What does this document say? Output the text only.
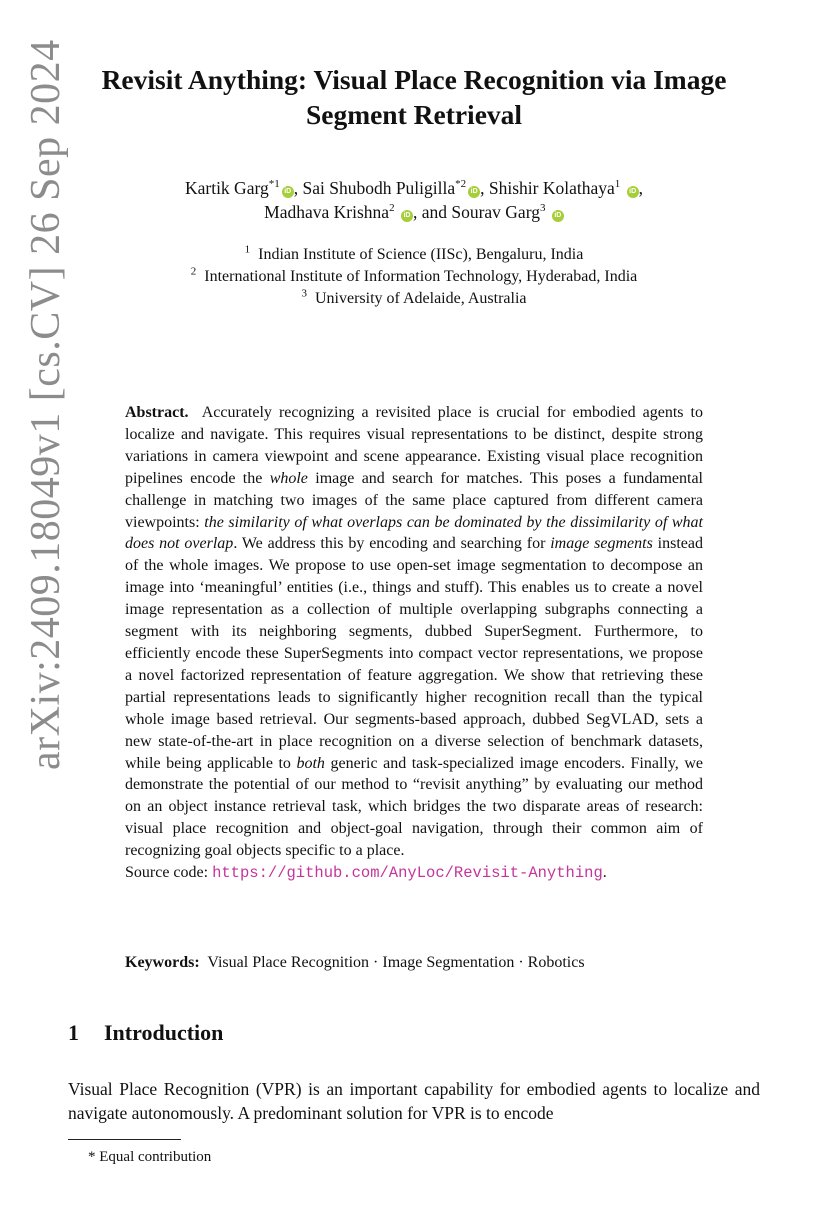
arXiv:2409.18049v1 [cs.CV] 26 Sep 2024	Revisit Anything: Visual Place Recognition via Image Segment Retrieval
Kartik Garg$^{*1}$iD , Sai Shubodh Puligilla$^{*2}$iD , Shishir Kolathaya$^1$ iD ,
Madhava Krishna$^2$ iD , and Sourav Garg$^3$ iD
$^1$ Indian Institute of Science (IISc), Bengaluru, India
$^2$ International Institute of Information Technology, Hyderabad, India
$^3$ University of Adelaide, Australia
Abstract. Accurately recognizing a revisited place is crucial for embodied agents to localize and navigate. This requires visual representations to be distinct, despite strong variations in camera viewpoint and scene appearance. Existing visual place recognition pipelines encode the whole image and search for matches. This poses a fundamental challenge in matching two images of the same place captured from different camera viewpoints: the similarity of what overlaps can be dominated by the dissimilarity of what does not overlap. We address this by encoding and searching for image segments instead of the whole images. We propose to use open-set image segmentation to decompose an image into ‘meaningful’ entities (i.e., things and stuff). This enables us to create a novel image representation as a collection of multiple overlapping subgraphs connecting a segment with its neighboring segments, dubbed SuperSegment. Furthermore, to efficiently encode these SuperSegments into compact vector representations, we propose a novel factorized representation of feature aggregation. We show that retrieving these partial representations leads to significantly higher recognition recall than the typical whole image based retrieval. Our segments-based approach, dubbed SegVLAD, sets a new state-of-the-art in place recognition on a diverse selection of benchmark datasets, while being applicable to both generic and task-specialized image encoders. Finally, we demonstrate the potential of our method to “revisit anything” by evaluating our method on an object instance retrieval task, which bridges the two disparate areas of research: visual place recognition and object-goal navigation, through their common aim of recognizing goal objects specific to a place.
Source code: https://github.com/AnyLoc/Revisit-Anything.
Keywords: Visual Place Recognition · Image Segmentation · Robotics
1 Introduction

Visual Place Recognition (VPR) is an important capability for embodied agents to localize and navigate autonomously. A predominant solution for VPR is to encode

* Equal contribution
